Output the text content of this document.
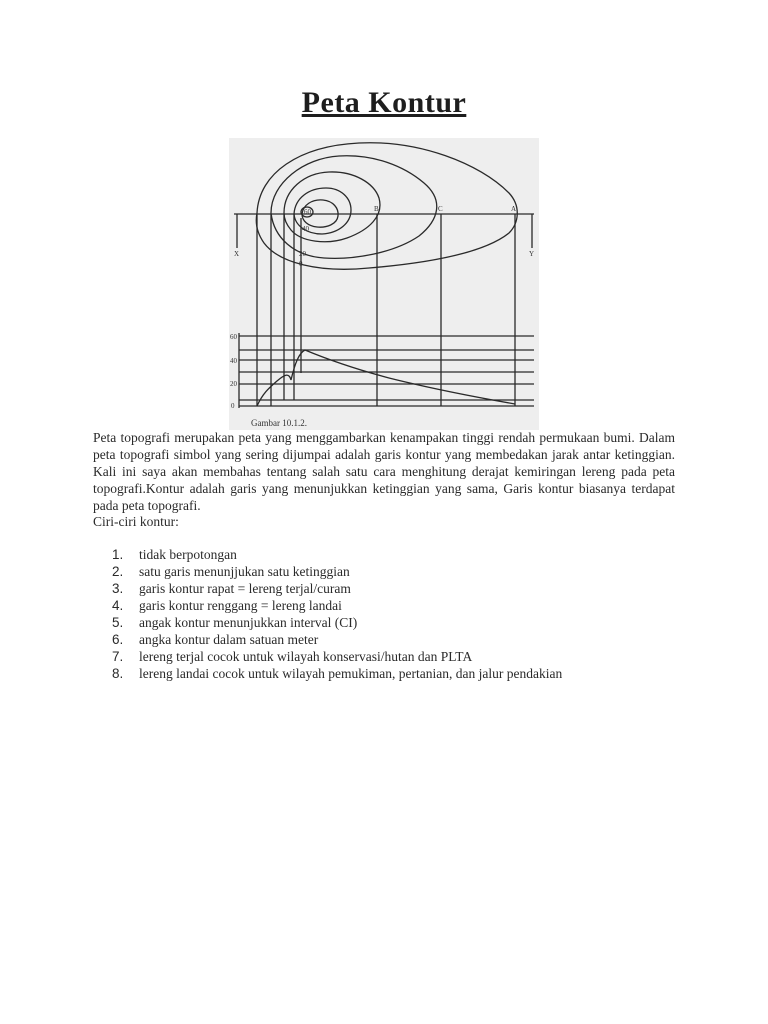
Peta Kontur
60
40
20
0
60
40
20
0
C
B	A
X	Y
Gambar 10.1.2.

Peta topografi merupakan peta yang menggambarkan kenampakan tinggi rendah permukaan bumi. Dalam peta topografi simbol yang sering dijumpai adalah garis kontur yang membedakan jarak antar ketinggian. Kali ini saya akan membahas tentang salah satu cara menghitung derajat kemiringan lereng pada peta topografi.Kontur adalah garis yang menunjukkan ketinggian yang sama, Garis kontur biasanya terdapat pada peta topografi.

Ciri-ciri kontur:

1.	tidak berpotongan
2.	satu garis menunjjukan satu ketinggian
3.	garis kontur rapat = lereng terjal/curam
4.	garis kontur renggang = lereng landai
5.	angak kontur menunjukkan interval (CI)
6.	angka kontur dalam satuan meter
7.	lereng terjal cocok untuk wilayah konservasi/hutan dan PLTA
8.	lereng landai cocok untuk wilayah pemukiman, pertanian, dan jalur pendakian
